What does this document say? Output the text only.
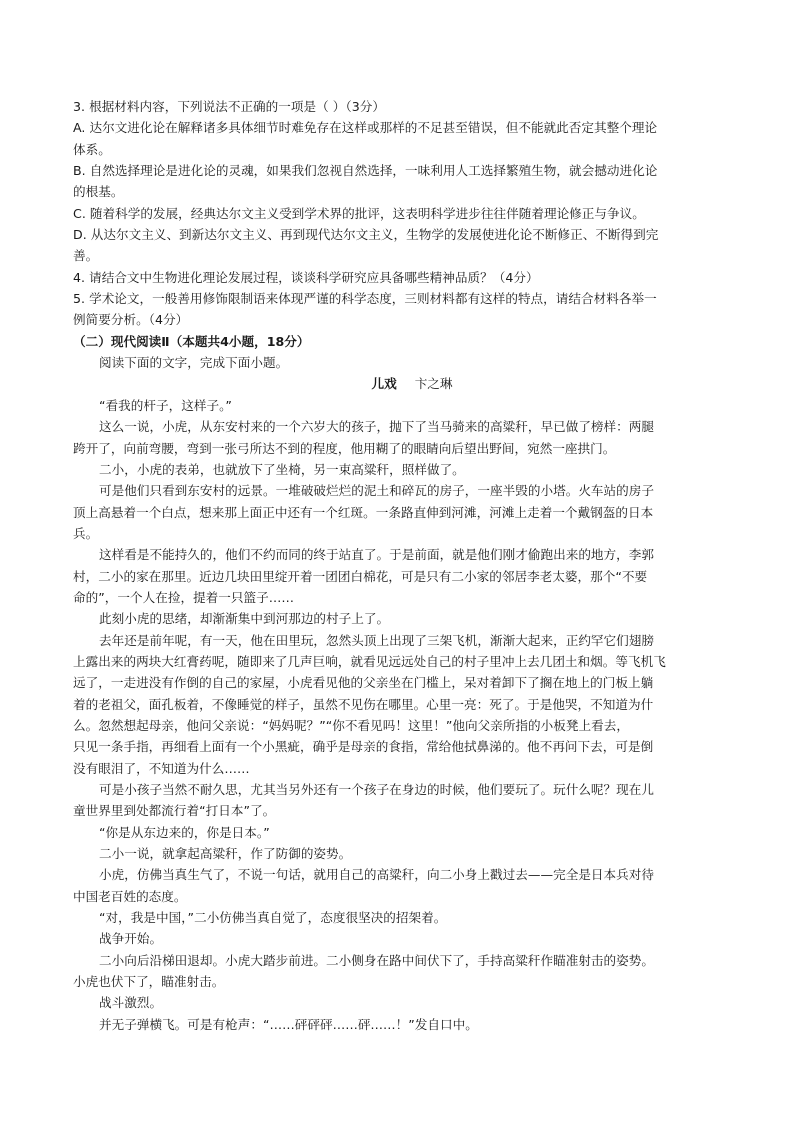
3. 根据材料内容，下列说法不正确的一项是（ ）（3分）
A. 达尔文进化论在解释诸多具体细节时难免存在这样或那样的不足甚至错误，但不能就此否定其整个理论
体系。
B. 自然选择理论是进化论的灵魂，如果我们忽视自然选择，一味利用人工选择繁殖生物，就会撼动进化论
的根基。
C. 随着科学的发展，经典达尔文主义受到学术界的批评，这表明科学进步往往伴随着理论修正与争议。
D. 从达尔文主义、到新达尔文主义、再到现代达尔文主义，生物学的发展使进化论不断修正、不断得到完
善。
4. 请结合文中生物进化理论发展过程，谈谈科学研究应具备哪些精神品质？（4分）
5. 学术论文，一般善用修饰限制语来体现严谨的科学态度，三则材料都有这样的特点，请结合材料各举一
例简要分析。（4分）
（二）现代阅读Ⅱ（本题共4小题，18分）
阅读下面的文字，完成下面小题。
儿戏 卞之琳
“看我的杆子，这样子。”
这么一说，小虎，从东安村来的一个六岁大的孩子，抛下了当马骑来的高粱秆，早已做了榜样：两腿
跨开了，向前弯腰，弯到一张弓所达不到的程度，他用糊了的眼睛向后望出野间，宛然一座拱门。
二小，小虎的表弟，也就放下了坐椅，另一束高粱秆，照样做了。
可是他们只看到东安村的远景。一堆破破烂烂的泥土和碎瓦的房子，一座半毁的小塔。火车站的房子
顶上高悬着一个白点，想来那上面正中还有一个红斑。一条路直伸到河滩，河滩上走着一个戴钢盔的日本
兵。
这样看是不能持久的，他们不约而同的终于站直了。于是前面，就是他们刚才偷跑出来的地方，李郭
村，二小的家在那里。近边几块田里绽开着一团团白棉花，可是只有二小家的邻居李老太婆，那个“不要
命的”，一个人在捡，提着一只篮子……
此刻小虎的思绪，却渐渐集中到河那边的村子上了。
去年还是前年呢，有一天，他在田里玩，忽然头顶上出现了三架飞机，渐渐大起来，正约罕它们翅膀
上露出来的两块大红膏药呢，随即来了几声巨响，就看见远远处自己的村子里冲上去几团土和烟。等飞机飞
远了，一走进没有作倒的自己的家屋，小虎看见他的父亲坐在门槛上，呆对着卸下了搁在地上的门板上躺
着的老祖父，面孔板着，不像睡觉的样子，虽然不见伤在哪里。心里一亮：死了。于是他哭，不知道为什
么。忽然想起母亲，他问父亲说：“妈妈呢？”“你不看见吗！这里！”他向父亲所指的小板凳上看去，
只见一条手指，再细看上面有一个小黑疵，确乎是母亲的食指，常给他拭鼻涕的。他不再问下去，可是倒
没有眼泪了，不知道为什么……
可是小孩子当然不耐久思，尤其当另外还有一个孩子在身边的时候，他们要玩了。玩什么呢？现在儿
童世界里到处都流行着“打日本”了。
“你是从东边来的，你是日本。”
二小一说，就拿起高粱秆，作了防御的姿势。
小虎，仿佛当真生气了，不说一句话，就用自己的高粱秆，向二小身上戳过去——完全是日本兵对待
中国老百姓的态度。
“对，我是中国，”二小仿佛当真自觉了，态度很坚决的招架着。
战争开始。
二小向后沿梯田退却。小虎大踏步前进。二小侧身在路中间伏下了，手持高粱秆作瞄准射击的姿势。
小虎也伏下了，瞄准射击。
战斗激烈。
并无子弹横飞。可是有枪声：“……砰砰砰……砰……！”发自口中。
